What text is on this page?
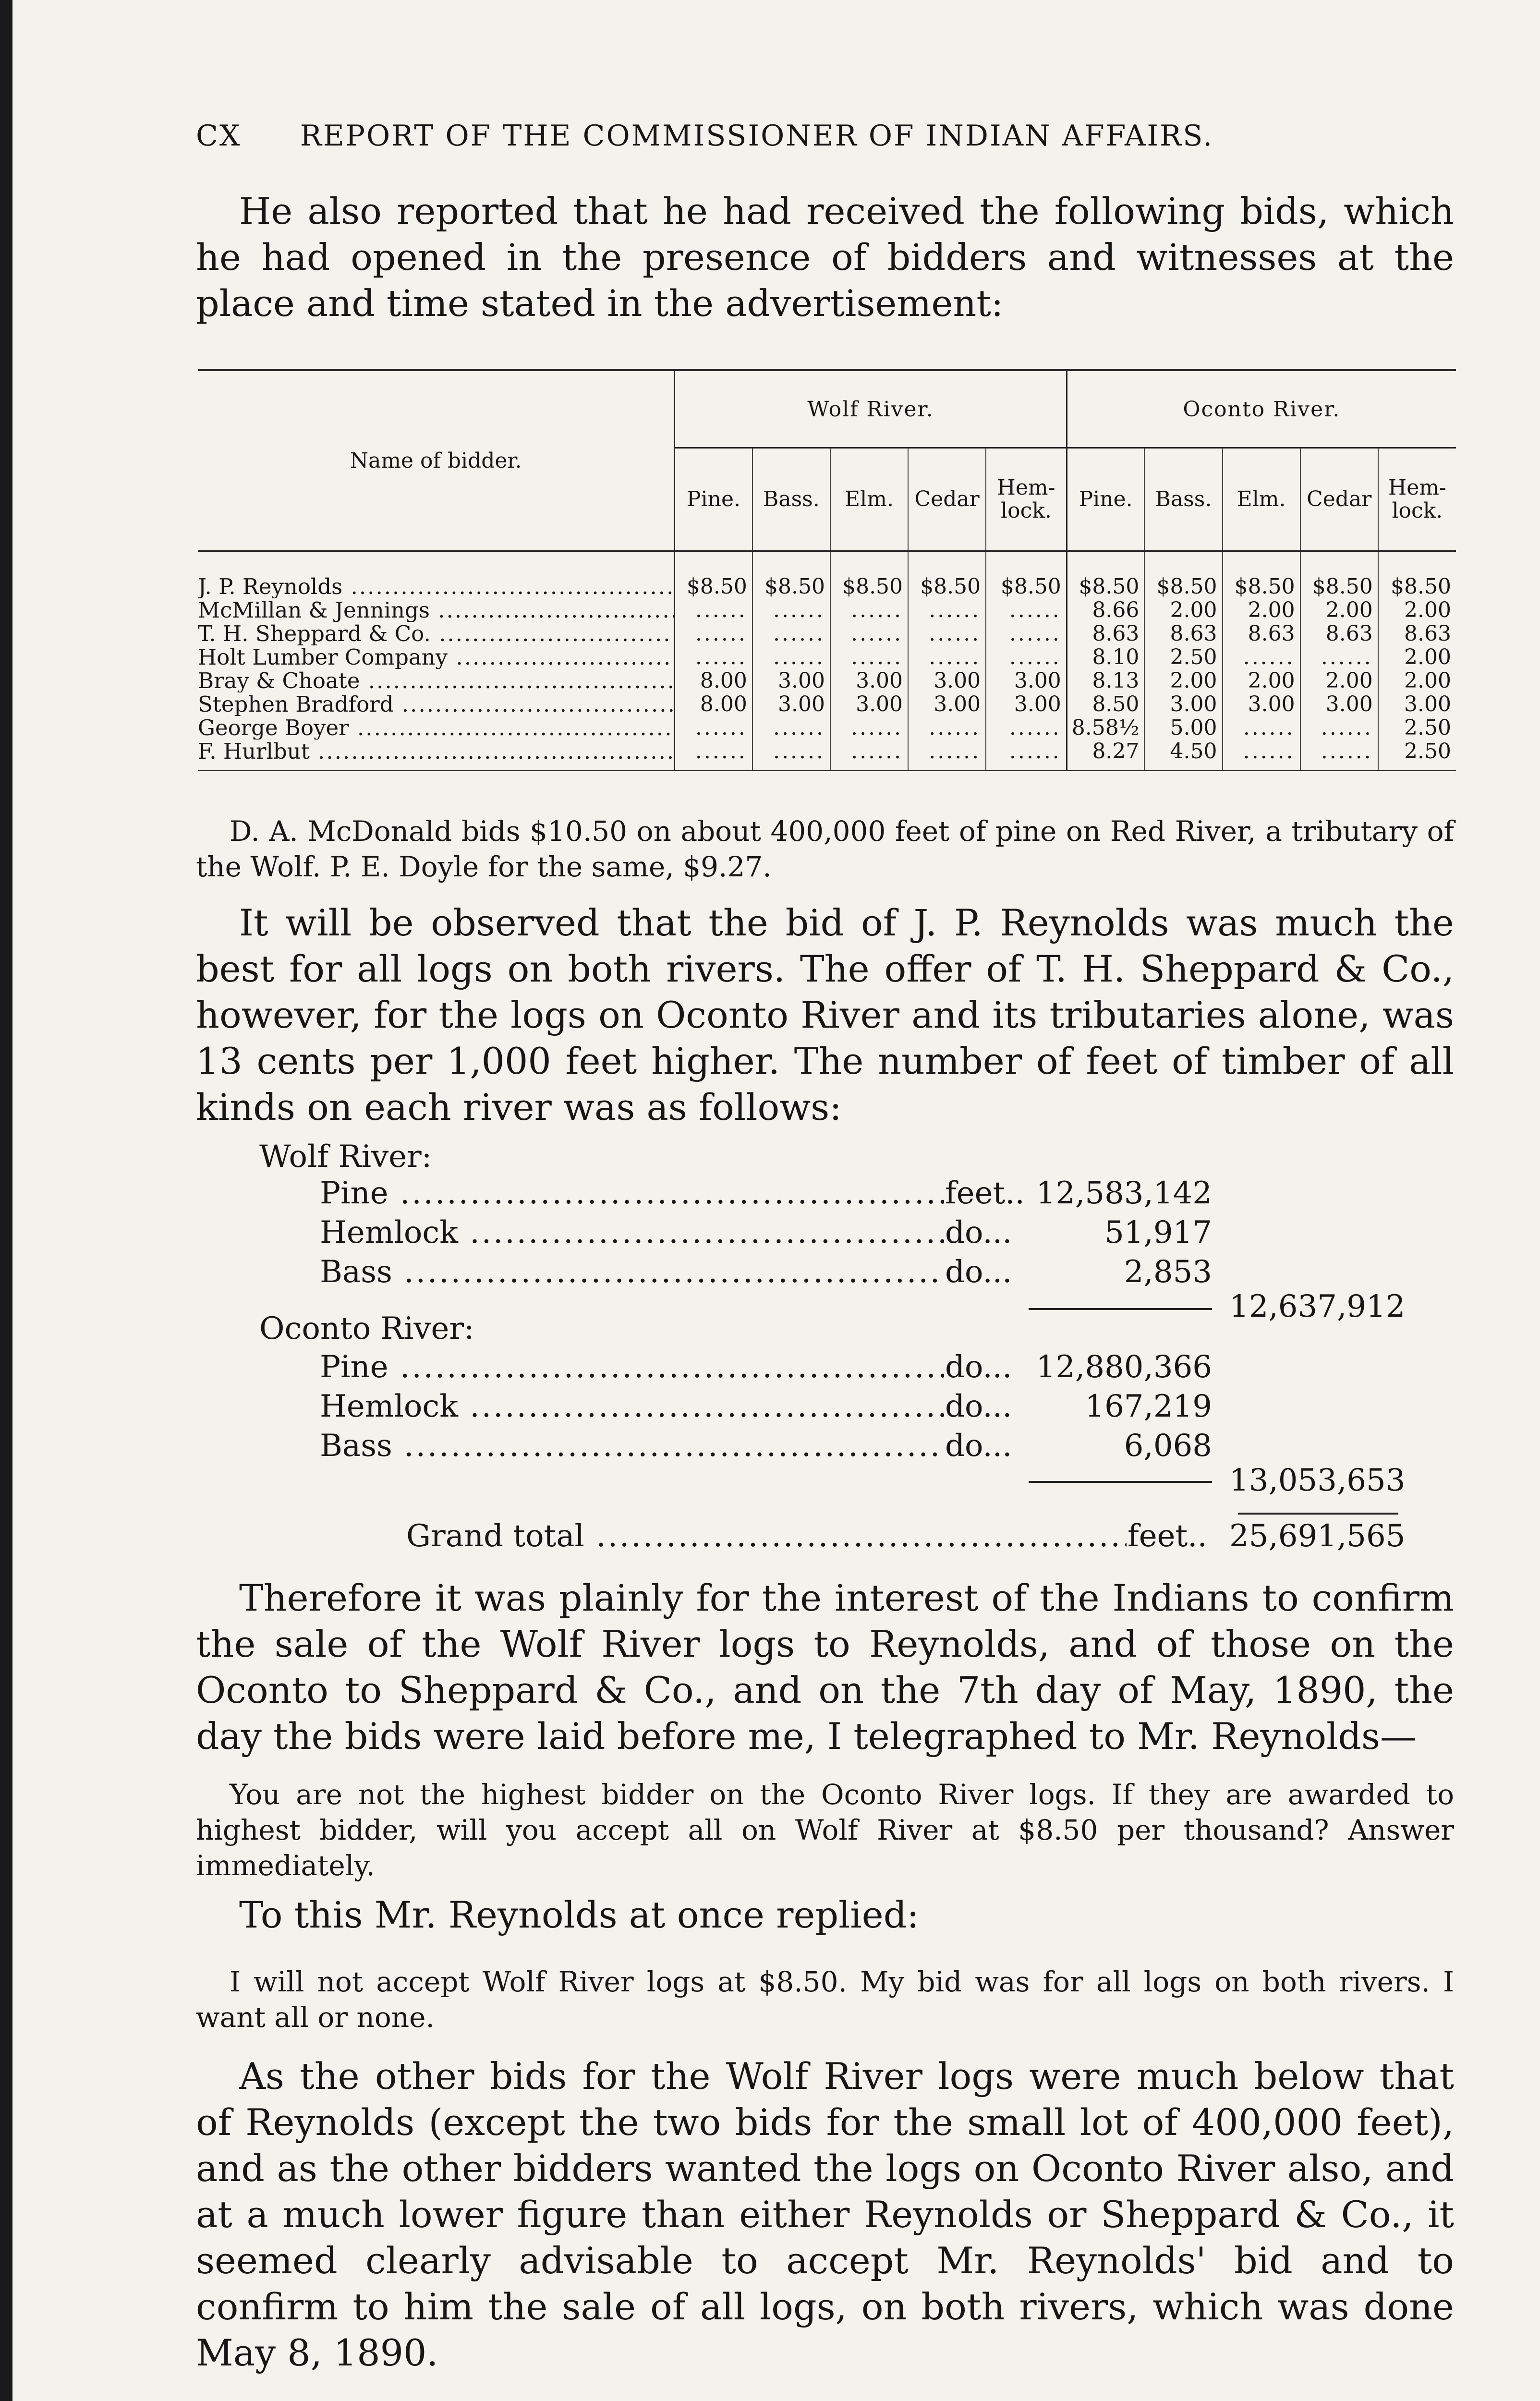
CX REPORT OF THE COMMISSIONER OF INDIAN AFFAIRS.
He also reported that he had received the following bids, which he had opened in the presence of bidders and witnesses at the place and time stated in the advertisement:
Name of bidder.	Wolf River.					Oconto River.				
	Pine.	Bass.	Elm.	Cedar	Hem-lock.	Pine.	Bass.	Elm.	Cedar	Hem-lock.

J. P. Reynolds .....	$8.50	$8.50	$8.50	$8.50	$8.50	$8.50	$8.50	$8.50	$8.50	$8.50
McMillan & Jennings .....	......	......	......	......	......	8.66	2.00	2.00	2.00	2.00
T. H. Sheppard & Co. .....	......	......	......	......	......	8.63	8.63	8.63	8.63	8.63
Holt Lumber Company .....	......	......	......	......	......	8.10	2.50	......	......	2.00
Bray & Choate .....	8.00	3.00	3.00	3.00	3.00	8.13	2.00	2.00	2.00	2.00
Stephen Bradford .....	8.00	3.00	3.00	3.00	3.00	8.50	3.00	3.00	3.00	3.00
George Boyer .....	......	......	......	......	......	8.58½	5.00	......	......	2.50
F. Hurlbut .....	......	......	......	......	......	8.27	4.50	......	......	2.50
D. A. McDonald bids $10.50 on about 400,000 feet of pine on Red River, a tributary of the Wolf. P. E. Doyle for the same, $9.27.
It will be observed that the bid of J. P. Reynolds was much the best for all logs on both rivers. The offer of T. H. Sheppard & Co., however, for the logs on Oconto River and its tributaries alone, was 13 cents per 1,000 feet higher. The number of feet of timber of all kinds on each river was as follows:
Wolf River:
Pine .....	feet.. 12,583,142
Hemlock .....	do...	51,917
Bass .....	do...	2,853
12,637,912
Oconto River:
Pine .....	do... 12,880,366
Hemlock .....	do...	167,219
Bass .....	do...	6,068
13,053,653
Grand total .....	feet.. 25,691,565
Therefore it was plainly for the interest of the Indians to confirm the sale of the Wolf River logs to Reynolds, and of those on the Oconto to Sheppard & Co., and on the 7th day of May, 1890, the day the bids were laid before me, I telegraphed to Mr. Reynolds—
You are not the highest bidder on the Oconto River logs. If they are awarded to highest bidder, will you accept all on Wolf River at $8.50 per thousand? Answer immediately.
To this Mr. Reynolds at once replied:
I will not accept Wolf River logs at $8.50. My bid was for all logs on both rivers. I want all or none.
As the other bids for the Wolf River logs were much below that of Reynolds (except the two bids for the small lot of 400,000 feet), and as the other bidders wanted the logs on Oconto River also, and at a much lower figure than either Reynolds or Sheppard & Co., it seemed clearly advisable to accept Mr. Reynolds' bid and to confirm to him the sale of all logs, on both rivers, which was done May 8, 1890.
